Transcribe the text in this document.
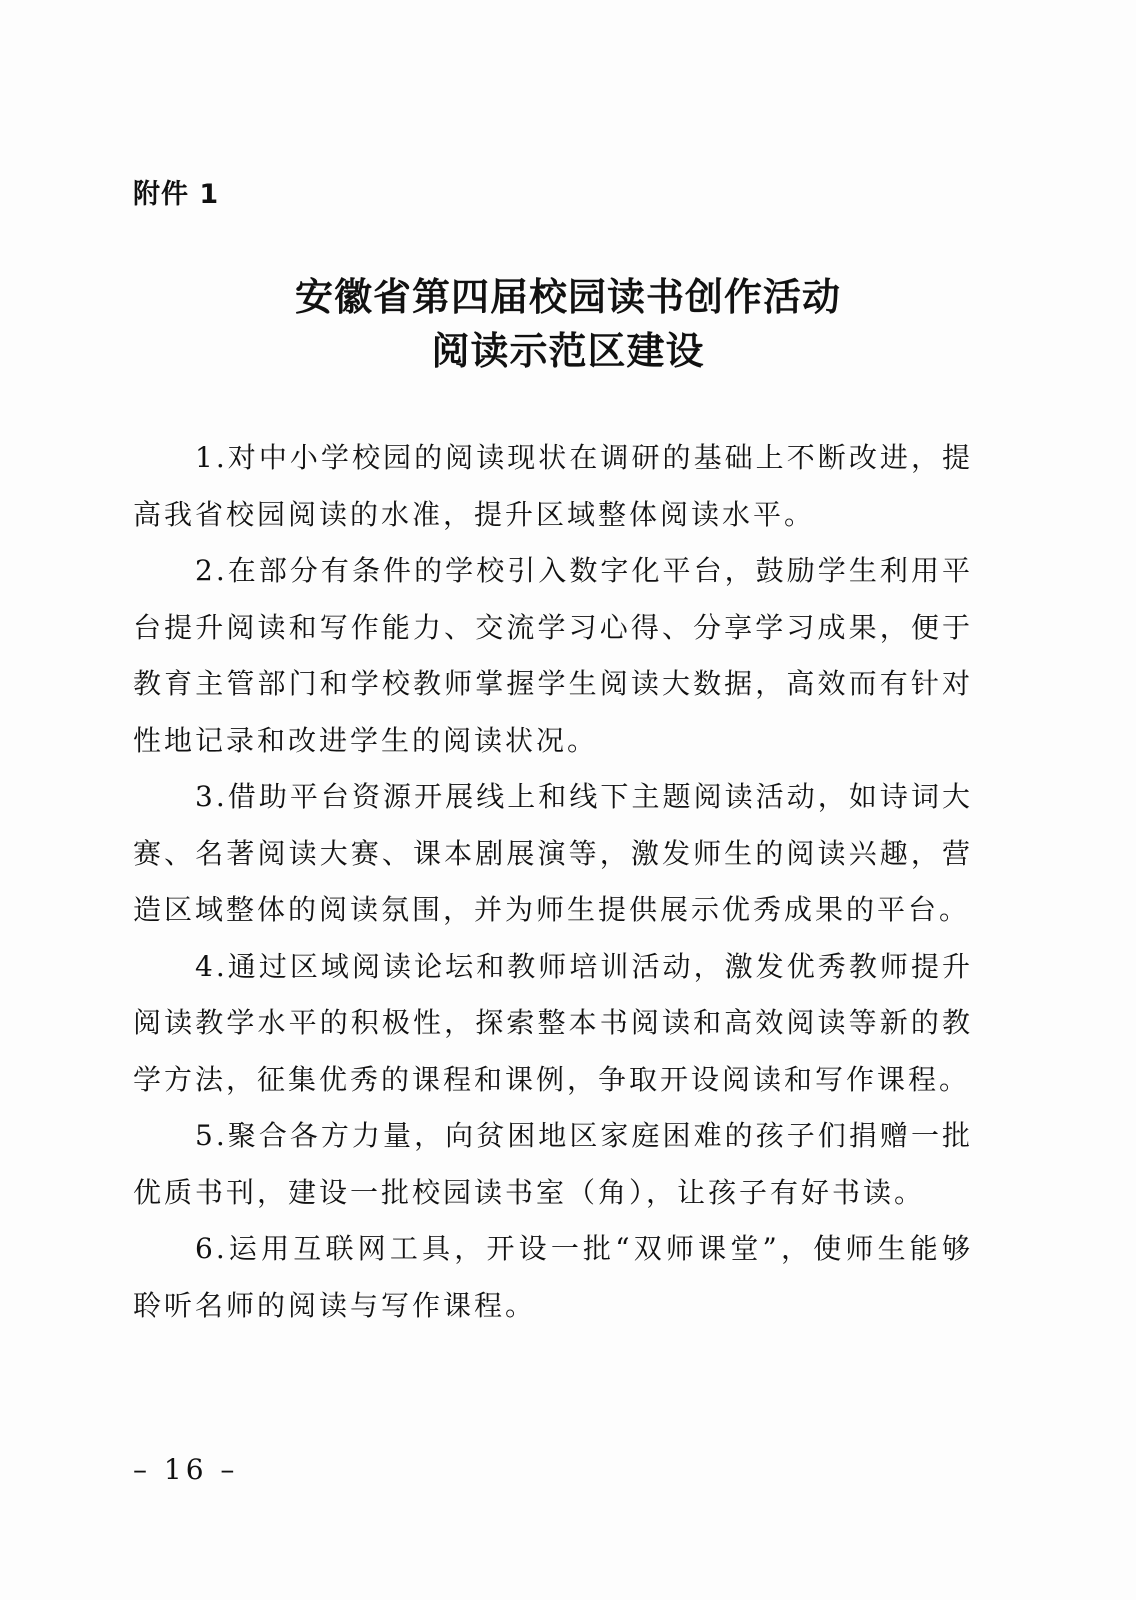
附件 1
安徽省第四届校园读书创作活动
阅读示范区建设

1.对中小学校园的阅读现状在调研的基础上不断改进，提高我省校园阅读的水准，提升区域整体阅读水平。

2.在部分有条件的学校引入数字化平台，鼓励学生利用平台提升阅读和写作能力、交流学习心得、分享学习成果，便于教育主管部门和学校教师掌握学生阅读大数据，高效而有针对性地记录和改进学生的阅读状况。

3.借助平台资源开展线上和线下主题阅读活动，如诗词大赛、名著阅读大赛、课本剧展演等，激发师生的阅读兴趣，营造区域整体的阅读氛围，并为师生提供展示优秀成果的平台。

4.通过区域阅读论坛和教师培训活动，激发优秀教师提升阅读教学水平的积极性，探索整本书阅读和高效阅读等新的教学方法，征集优秀的课程和课例，争取开设阅读和写作课程。

5.聚合各方力量，向贫困地区家庭困难的孩子们捐赠一批优质书刊，建设一批校园读书室（角），让孩子有好书读。

6.运用互联网工具，开设一批“双师课堂”，使师生能够聆听名师的阅读与写作课程。

– 16 –
